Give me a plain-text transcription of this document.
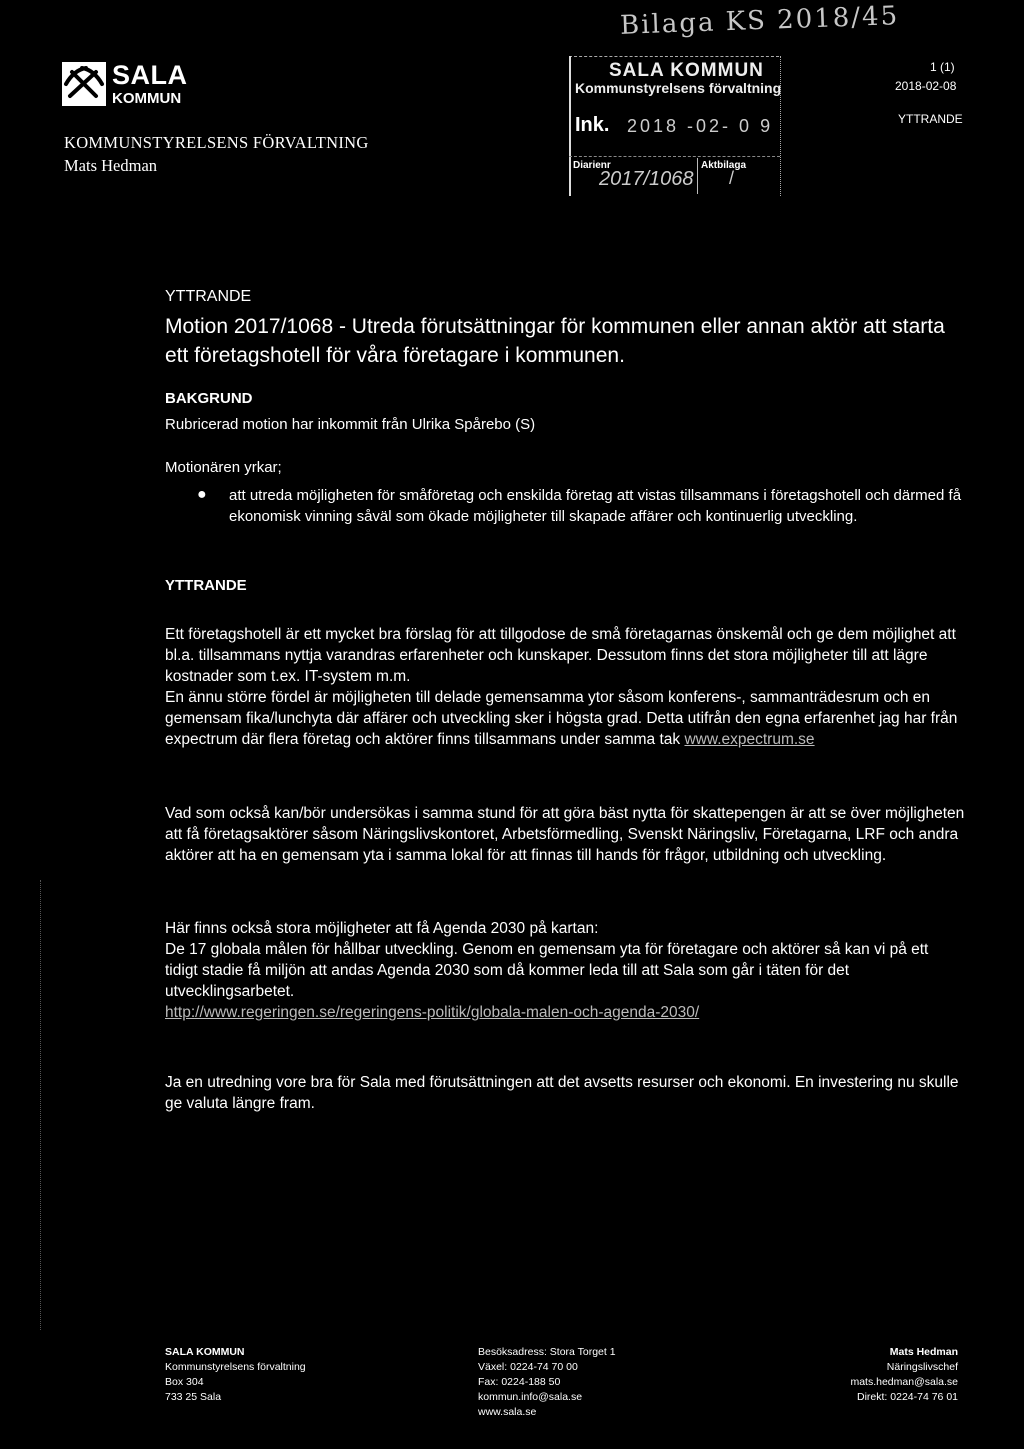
SALA
KOMMUN
KOMMUNSTYRELSENS FÖRVALTNING
Mats Hedman
Bilaga KS 2018/45
SALA KOMMUN
Kommunstyrelsens förvaltning
Ink. 2018 -02- 0 9
Diarienr	Aktbilaga
2017/1068 /
1 (1)
2018-02-08
YTTRANDE
YTTRANDE
Motion 2017/1068 - Utreda förutsättningar för kommunen eller annan aktör att starta ett företagshotell för våra företagare i kommunen.
BAKGRUND
Rubricerad motion har inkommit från Ulrika Spårebo (S)
Motionären yrkar;
● att utreda möjligheten för småföretag och enskilda företag att vistas tillsammans i företagshotell och därmed få ekonomisk vinning såväl som ökade möjligheter till skapade affärer och kontinuerlig utveckling.
YTTRANDE
Ett företagshotell är ett mycket bra förslag för att tillgodose de små företagarnas önskemål och ge dem möjlighet att bl.a. tillsammans nyttja varandras erfarenheter och kunskaper. Dessutom finns det stora möjligheter till att lägre kostnader som t.ex. IT-system m.m.
En ännu större fördel är möjligheten till delade gemensamma ytor såsom konferens-, sammanträdesrum och en gemensam fika/lunchyta där affärer och utveckling sker i högsta grad. Detta utifrån den egna erfarenhet jag har från expectrum där flera företag och aktörer finns tillsammans under samma tak www.expectrum.se
Vad som också kan/bör undersökas i samma stund för att göra bäst nytta för skattepengen är att se över möjligheten att få företagsaktörer såsom Näringslivskontoret, Arbetsförmedling, Svenskt Näringsliv, Företagarna, LRF och andra aktörer att ha en gemensam yta i samma lokal för att finnas till hands för frågor, utbildning och utveckling.
Här finns också stora möjligheter att få Agenda 2030 på kartan:
De 17 globala målen för hållbar utveckling. Genom en gemensam yta för företagare och aktörer så kan vi på ett tidigt stadie få miljön att andas Agenda 2030 som då kommer leda till att Sala som går i täten för det utvecklingsarbetet.
http://www.regeringen.se/regeringens-politik/globala-malen-och-agenda-2030/
Ja en utredning vore bra för Sala med förutsättningen att det avsetts resurser och ekonomi. En investering nu skulle ge valuta längre fram.
SALA KOMMUN
Kommunstyrelsens förvaltning
Box 304
733 25 Sala
Besöksadress: Stora Torget 1
Växel: 0224-74 70 00
Fax: 0224-188 50
kommun.info@sala.se
www.sala.se
Mats Hedman
Näringslivschef
mats.hedman@sala.se
Direkt: 0224-74 76 01
